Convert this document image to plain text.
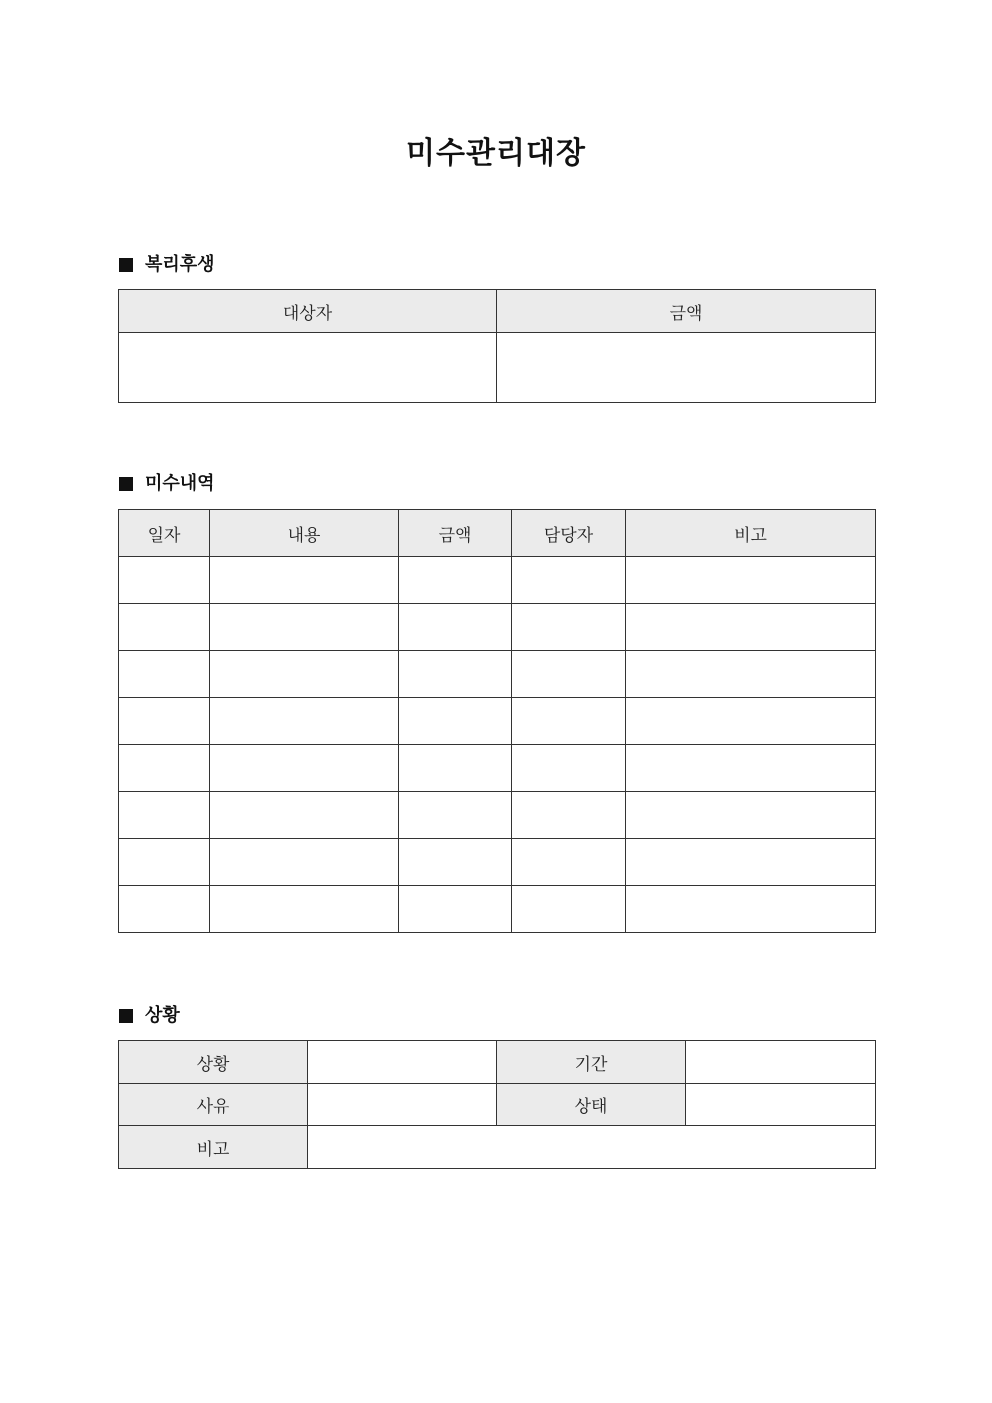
미수관리대장
복리후생
대상자	금액

미수내역
일자	내용	금액	담당자	비고

상황
상황		기간	
사유		상태	
비고			
